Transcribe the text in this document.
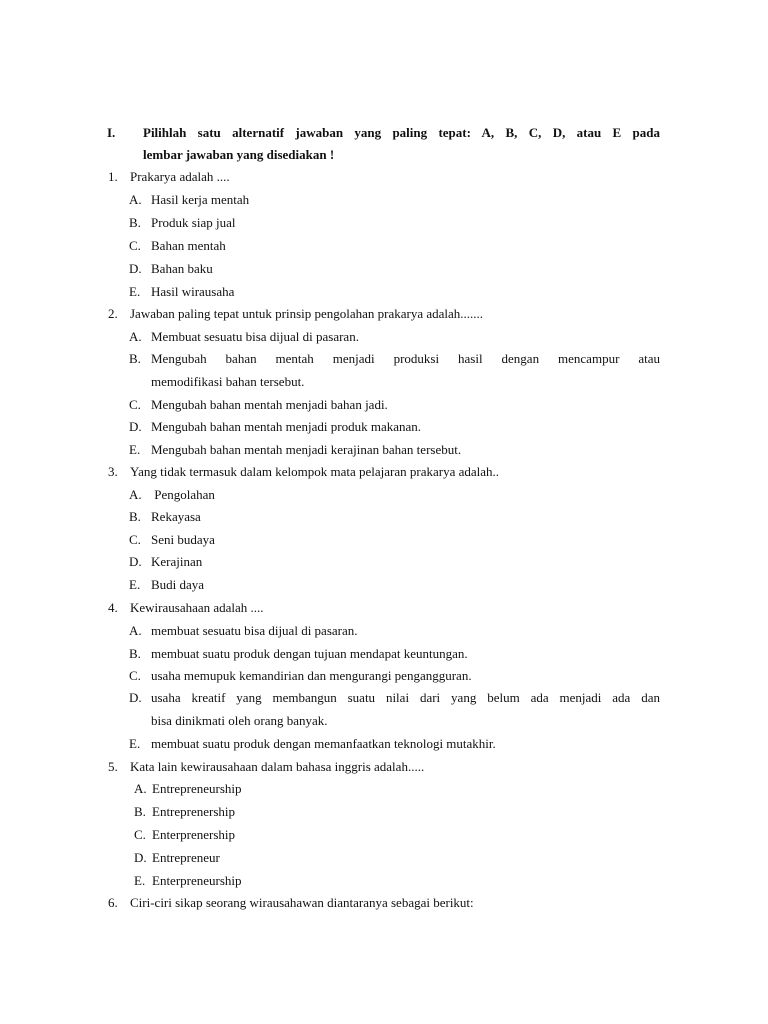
I. Pilihlah satu alternatif jawaban yang paling tepat: A, B, C, D, atau E pada
lembar jawaban yang disediakan !
1. Prakarya adalah ....
A. Hasil kerja mentah
B. Produk siap jual
C. Bahan mentah
D. Bahan baku
E. Hasil wirausaha
2. Jawaban paling tepat untuk prinsip pengolahan prakarya adalah.......
A. Membuat sesuatu bisa dijual di pasaran.
B. Mengubah bahan mentah menjadi produksi hasil dengan mencampur atau
memodifikasi bahan tersebut.
C. Mengubah bahan mentah menjadi bahan jadi.
D. Mengubah bahan mentah menjadi produk makanan.
E. Mengubah bahan mentah menjadi kerajinan bahan tersebut.
3. Yang tidak termasuk dalam kelompok mata pelajaran prakarya adalah..
A. Pengolahan
B. Rekayasa
C. Seni budaya
D. Kerajinan
E. Budi daya
4. Kewirausahaan adalah ....
A. membuat sesuatu bisa dijual di pasaran.
B. membuat suatu produk dengan tujuan mendapat keuntungan.
C. usaha memupuk kemandirian dan mengurangi pengangguran.
D. usaha kreatif yang membangun suatu nilai dari yang belum ada menjadi ada dan
bisa dinikmati oleh orang banyak.
E. membuat suatu produk dengan memanfaatkan teknologi mutakhir.
5. Kata lain kewirausahaan dalam bahasa inggris adalah.....
A. Entrepreneurship
B. Entreprenership
C. Enterprenership
D. Entrepreneur
E. Enterpreneurship
6. Ciri-ciri sikap seorang wirausahawan diantaranya sebagai berikut:
